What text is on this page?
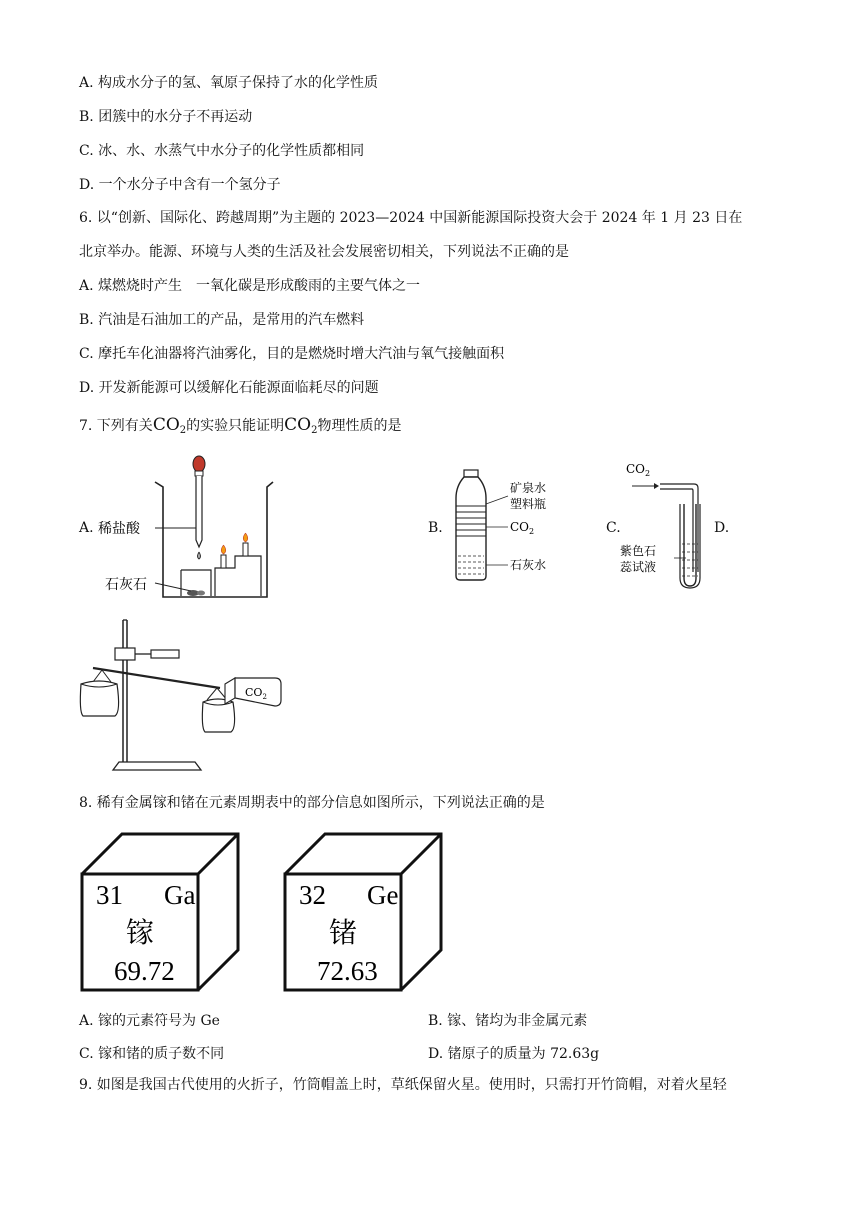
A. 构成水分子的氢、氧原子保持了水的化学性质
B. 团簇中的水分子不再运动
C. 冰、水、水蒸气中水分子的化学性质都相同
D. 一个水分子中含有一个氢分子
6. 以“创新、国际化、跨越周期”为主题的 2023—2024 中国新能源国际投资大会于 2024 年 1 月 23 日在
北京举办。能源、环境与人类的生活及社会发展密切相关，下列说法不正确的是
A. 煤燃烧时产生　一氧化碳是形成酸雨的主要气体之一
B. 汽油是石油加工的产品，是常用的汽车燃料
C. 摩托车化油器将汽油雾化，目的是燃烧时增大汽油与氧气接触面积
D. 开发新能源可以缓解化石能源面临耗尽的问题
7. 下列有关$CO_2$的实验只能证明$CO_2$物理性质的是
A.	B.	C.	D.
稀盐酸
石灰石
矿泉水
塑料瓶
$CO_2$
石灰水
$CO_2$
紫色石
蕊试液
$CO_2$
8. 稀有金属镓和锗在元素周期表中的部分信息如图所示，下列说法正确的是
31 Ga
镓
69.72
32 Ge
锗
72.63
A. 镓的元素符号为 Ge	B. 镓、锗均为非金属元素
C. 镓和锗的质子数不同	D. 锗原子的质量为 72.63g
9. 如图是我国古代使用的火折子，竹筒帽盖上时，草纸保留火星。使用时，只需打开竹筒帽，对着火星轻
